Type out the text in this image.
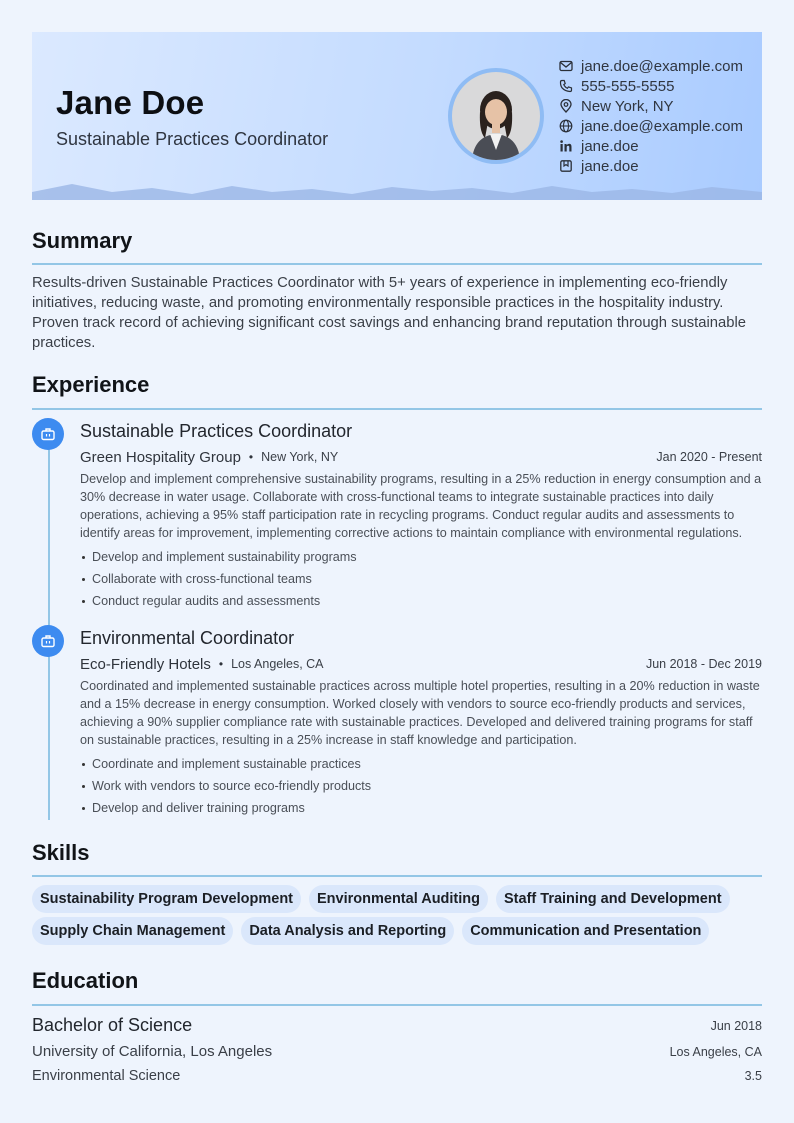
Jane Doe
Sustainable Practices Coordinator
jane.doe@example.com
555-555-5555
New York, NY
jane.doe@example.com
jane.doe
jane.doe
Summary
Results-driven Sustainable Practices Coordinator with 5+ years of experience in implementing eco-friendly initiatives, reducing waste, and promoting environmentally responsible practices in the hospitality industry. Proven track record of achieving significant cost savings and enhancing brand reputation through sustainable practices.
Experience
Sustainable Practices Coordinator
Green Hospitality Group • New York, NY	Jan 2020 - Present
Develop and implement comprehensive sustainability programs, resulting in a 25% reduction in energy consumption and a 30% decrease in water usage. Collaborate with cross-functional teams to integrate sustainable practices into daily operations, achieving a 95% staff participation rate in recycling programs. Conduct regular audits and assessments to identify areas for improvement, implementing corrective actions to maintain compliance with environmental regulations.
Develop and implement sustainability programs
Collaborate with cross-functional teams
Conduct regular audits and assessments
Environmental Coordinator
Eco-Friendly Hotels • Los Angeles, CA	Jun 2018 - Dec 2019
Coordinated and implemented sustainable practices across multiple hotel properties, resulting in a 20% reduction in waste and a 15% decrease in energy consumption. Worked closely with vendors to source eco-friendly products and services, achieving a 90% supplier compliance rate with sustainable practices. Developed and delivered training programs for staff on sustainable practices, resulting in a 25% increase in staff knowledge and participation.
Coordinate and implement sustainable practices
Work with vendors to source eco-friendly products
Develop and deliver training programs
Skills
Sustainability Program Development	Environmental Auditing	Staff Training and Development
Supply Chain Management	Data Analysis and Reporting	Communication and Presentation
Education
Bachelor of Science	Jun 2018
University of California, Los Angeles	Los Angeles, CA
Environmental Science	3.5
